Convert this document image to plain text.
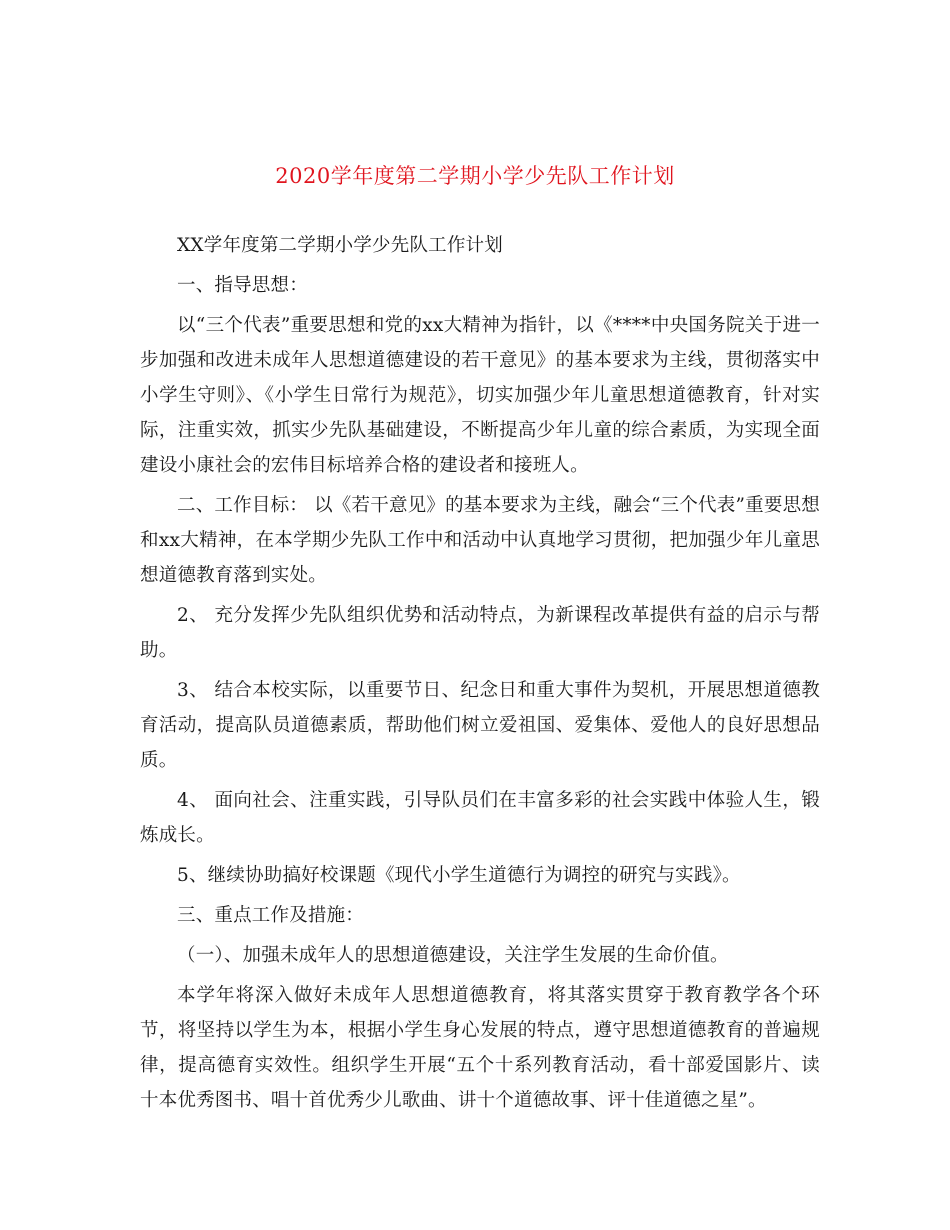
2020学年度第二学期小学少先队工作计划

XX学年度第二学期小学少先队工作计划

一、指导思想：

以“三个代表”重要思想和党的xx大精神为指针，以《****中央国务院关于进一步加强和改进未成年人思想道德建设的若干意见》的基本要求为主线，贯彻落实中小学生守则》、《小学生日常行为规范》，切实加强少年儿童思想道德教育，针对实际，注重实效，抓实少先队基础建设，不断提高少年儿童的综合素质，为实现全面建设小康社会的宏伟目标培养合格的建设者和接班人。

二、工作目标： 以《若干意见》的基本要求为主线，融会“三个代表”重要思想和xx大精神，在本学期少先队工作中和活动中认真地学习贯彻，把加强少年儿童思想道德教育落到实处。

2、 充分发挥少先队组织优势和活动特点，为新课程改革提供有益的启示与帮助。

3、 结合本校实际，以重要节日、纪念日和重大事件为契机，开展思想道德教育活动，提高队员道德素质，帮助他们树立爱祖国、爱集体、爱他人的良好思想品质。

4、 面向社会、注重实践，引导队员们在丰富多彩的社会实践中体验人生，锻炼成长。

5、继续协助搞好校课题《现代小学生道德行为调控的研究与实践》。

三、重点工作及措施：

（一）、加强未成年人的思想道德建设，关注学生发展的生命价值。

本学年将深入做好未成年人思想道德教育，将其落实贯穿于教育教学各个环节，将坚持以学生为本，根据小学生身心发展的特点，遵守思想道德教育的普遍规律，提高德育实效性。组织学生开展“五个十系列教育活动，看十部爱国影片、读十本优秀图书、唱十首优秀少儿歌曲、讲十个道德故事、评十佳道德之星”。
